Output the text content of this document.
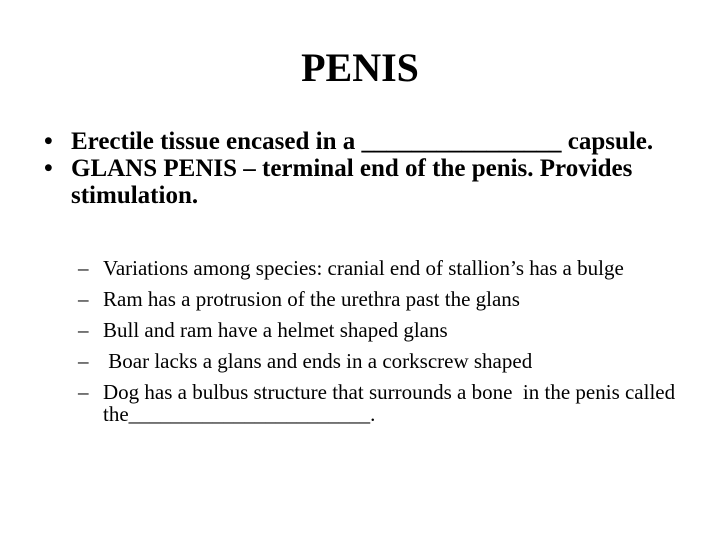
PENIS
• Erectile tissue encased in a ________________ capsule.
• GLANS PENIS – terminal end of the penis. Provides stimulation.
– Variations among species: cranial end of stallion’s has a bulge
– Ram has a protrusion of the urethra past the glans
– Bull and ram have a helmet shaped glans
– Boar lacks a glans and ends in a corkscrew shaped
– Dog has a bulbus structure that surrounds a bone  in the penis called the_______________________.
